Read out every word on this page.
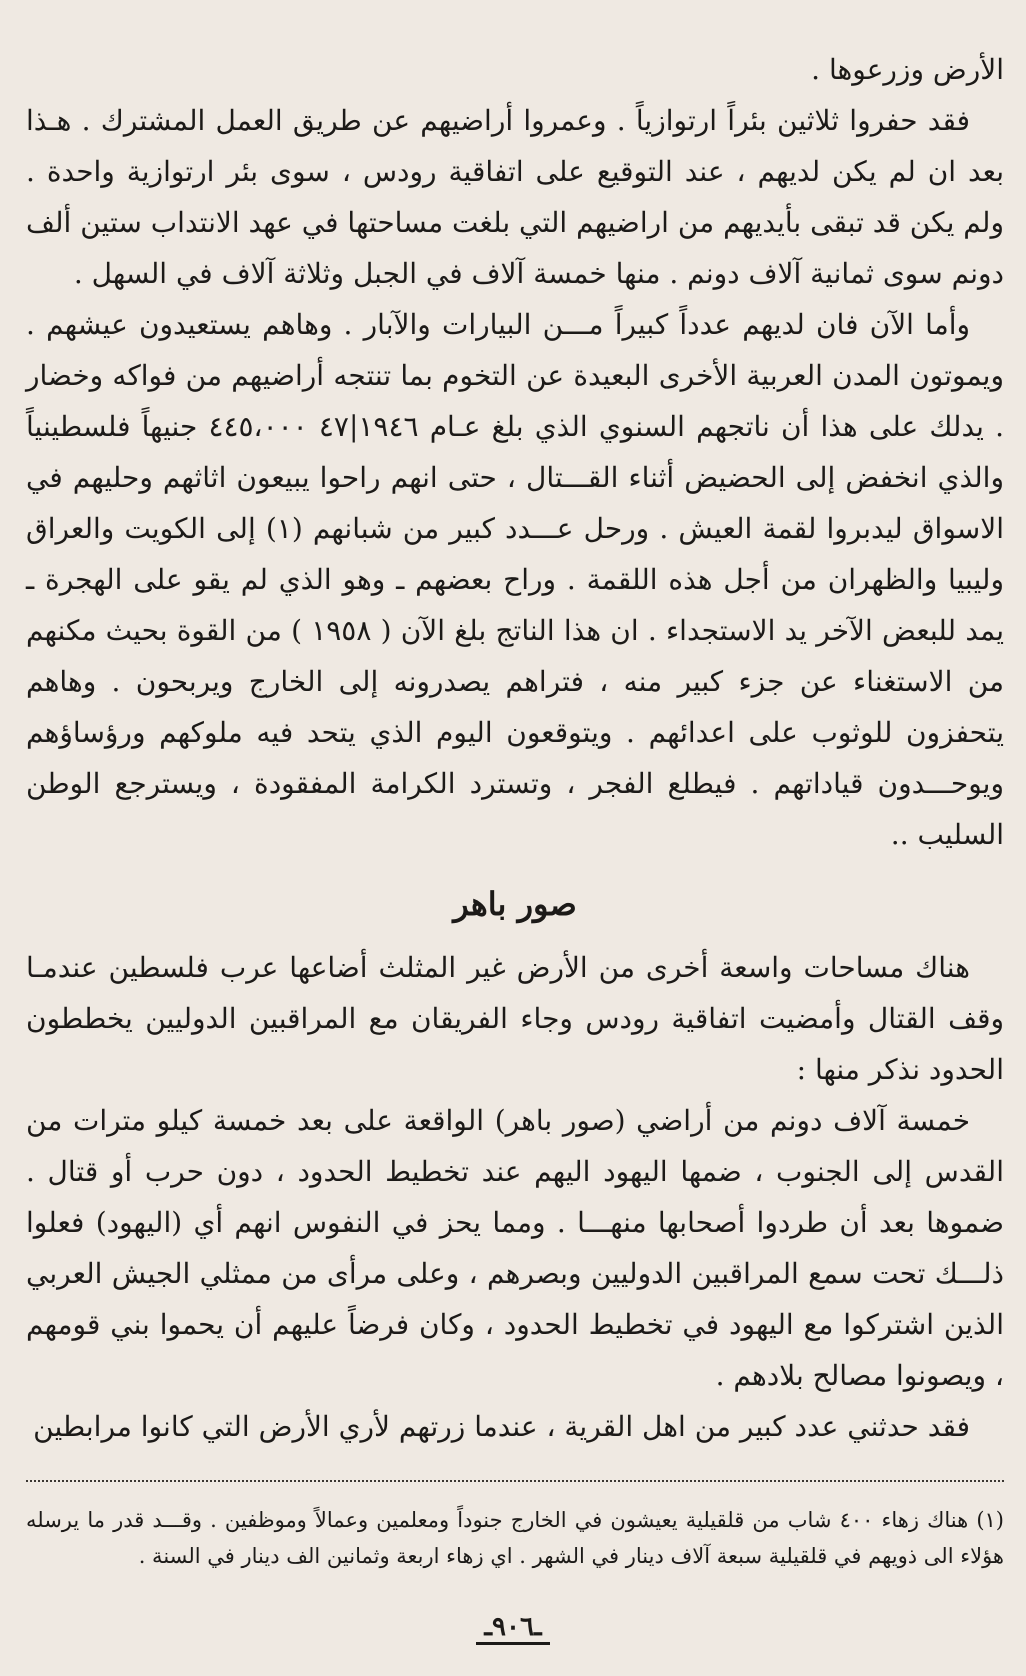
الأرض وزرعوها .

فقد حفروا ثلاثين بئراً ارتوازياً . وعمروا أراضيهم عن طريق العمل المشترك . هـذا بعد ان لم يكن لديهم ، عند التوقيع على اتفاقية رودس ، سوى بئر ارتوازية واحدة . ولم يكن قد تبقى بأيديهم من اراضيهم التي بلغت مساحتها في عهد الانتداب ستين ألف دونم سوى ثمانية آلاف دونم . منها خمسة آلاف في الجبل وثلاثة آلاف في السهل .

وأما الآن فان لديهم عدداً كبيراً مـــن البيارات والآبار . وهاهم يستعيدون عيشهم . ويموتون المدن العربية الأخرى البعيدة عن التخوم بما تنتجه أراضيهم من فواكه وخضار . يدلك على هذا أن ناتجهم السنوي الذي بلغ عـام ١٩٤٦|٤٧ ٤٤٥،٠٠٠ جنيهاً فلسطينياً والذي انخفض إلى الحضيض أثناء القـــتال ، حتى انهم راحوا يبيعون اثاثهم وحليهم في الاسواق ليدبروا لقمة العيش . ورحل عـــدد كبير من شبانهم (١) إلى الكويت والعراق وليبيا والظهران من أجل هذه اللقمة . وراح بعضهم ـ وهو الذي لم يقو على الهجرة ـ يمد للبعض الآخر يد الاستجداء . ان هذا الناتج بلغ الآن ( ١٩٥٨ ) من القوة بحيث مكنهم من الاستغناء عن جزء كبير منه ، فتراهم يصدرونه إلى الخارج ويربحون . وهاهم يتحفزون للوثوب على اعدائهم . ويتوقعون اليوم الذي يتحد فيه ملوكهم ورؤساؤهم ويوحـــدون قياداتهم . فيطلع الفجر ، وتسترد الكرامة المفقودة ، ويسترجع الوطن السليب ..

صور باهر

هناك مساحات واسعة أخرى من الأرض غير المثلث أضاعها عرب فلسطين عندمـا وقف القتال وأمضيت اتفاقية رودس وجاء الفريقان مع المراقبين الدوليين يخططون الحدود نذكر منها :

خمسة آلاف دونم من أراضي (صور باهر) الواقعة على بعد خمسة كيلو مترات من القدس إلى الجنوب ، ضمها اليهود اليهم عند تخطيط الحدود ، دون حرب أو قتال . ضموها بعد أن طردوا أصحابها منهـــا . ومما يحز في النفوس انهم أي (اليهود) فعلوا ذلـــك تحت سمع المراقبين الدوليين وبصرهم ، وعلى مرأى من ممثلي الجيش العربي الذين اشتركوا مع اليهود في تخطيط الحدود ، وكان فرضاً عليهم أن يحموا بني قومهم ، ويصونوا مصالح بلادهم .

فقد حدثني عدد كبير من اهل القرية ، عندما زرتهم لأري الأرض التي كانوا مرابطين

(١) هناك زهاء ٤٠٠ شاب من قلقيلية يعيشون في الخارج جنوداً ومعلمين وعمالاً وموظفين . وقـــد قدر ما يرسله هؤلاء الى ذويهم في قلقيلية سبعة آلاف دينار في الشهر . اي زهاء اربعة وثمانين الف دينار في السنة .

ـ٩٠٦ـ
